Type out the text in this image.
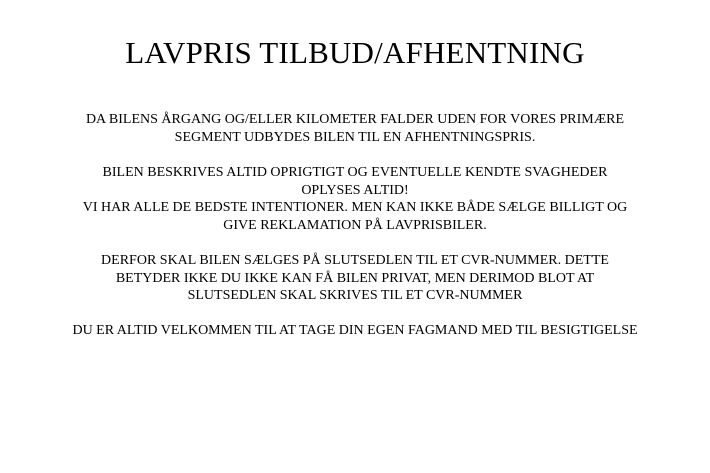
LAVPRIS TILBUD/AFHENTNING

DA BILENS ÅRGANG OG/ELLER KILOMETER FALDER UDEN FOR VORES PRIMÆRE
SEGMENT UDBYDES BILEN TIL EN AFHENTNINGSPRIS.

BILEN BESKRIVES ALTID OPRIGTIGT OG EVENTUELLE KENDTE SVAGHEDER
OPLYSES ALTID!
VI HAR ALLE DE BEDSTE INTENTIONER. MEN KAN IKKE BÅDE SÆLGE BILLIGT OG
GIVE REKLAMATION PÅ LAVPRISBILER.

DERFOR SKAL BILEN SÆLGES PÅ SLUTSEDLEN TIL ET CVR-NUMMER. DETTE
BETYDER IKKE DU IKKE KAN FÅ BILEN PRIVAT, MEN DERIMOD BLOT AT
SLUTSEDLEN SKAL SKRIVES TIL ET CVR-NUMMER

DU ER ALTID VELKOMMEN TIL AT TAGE DIN EGEN FAGMAND MED TIL BESIGTIGELSE
